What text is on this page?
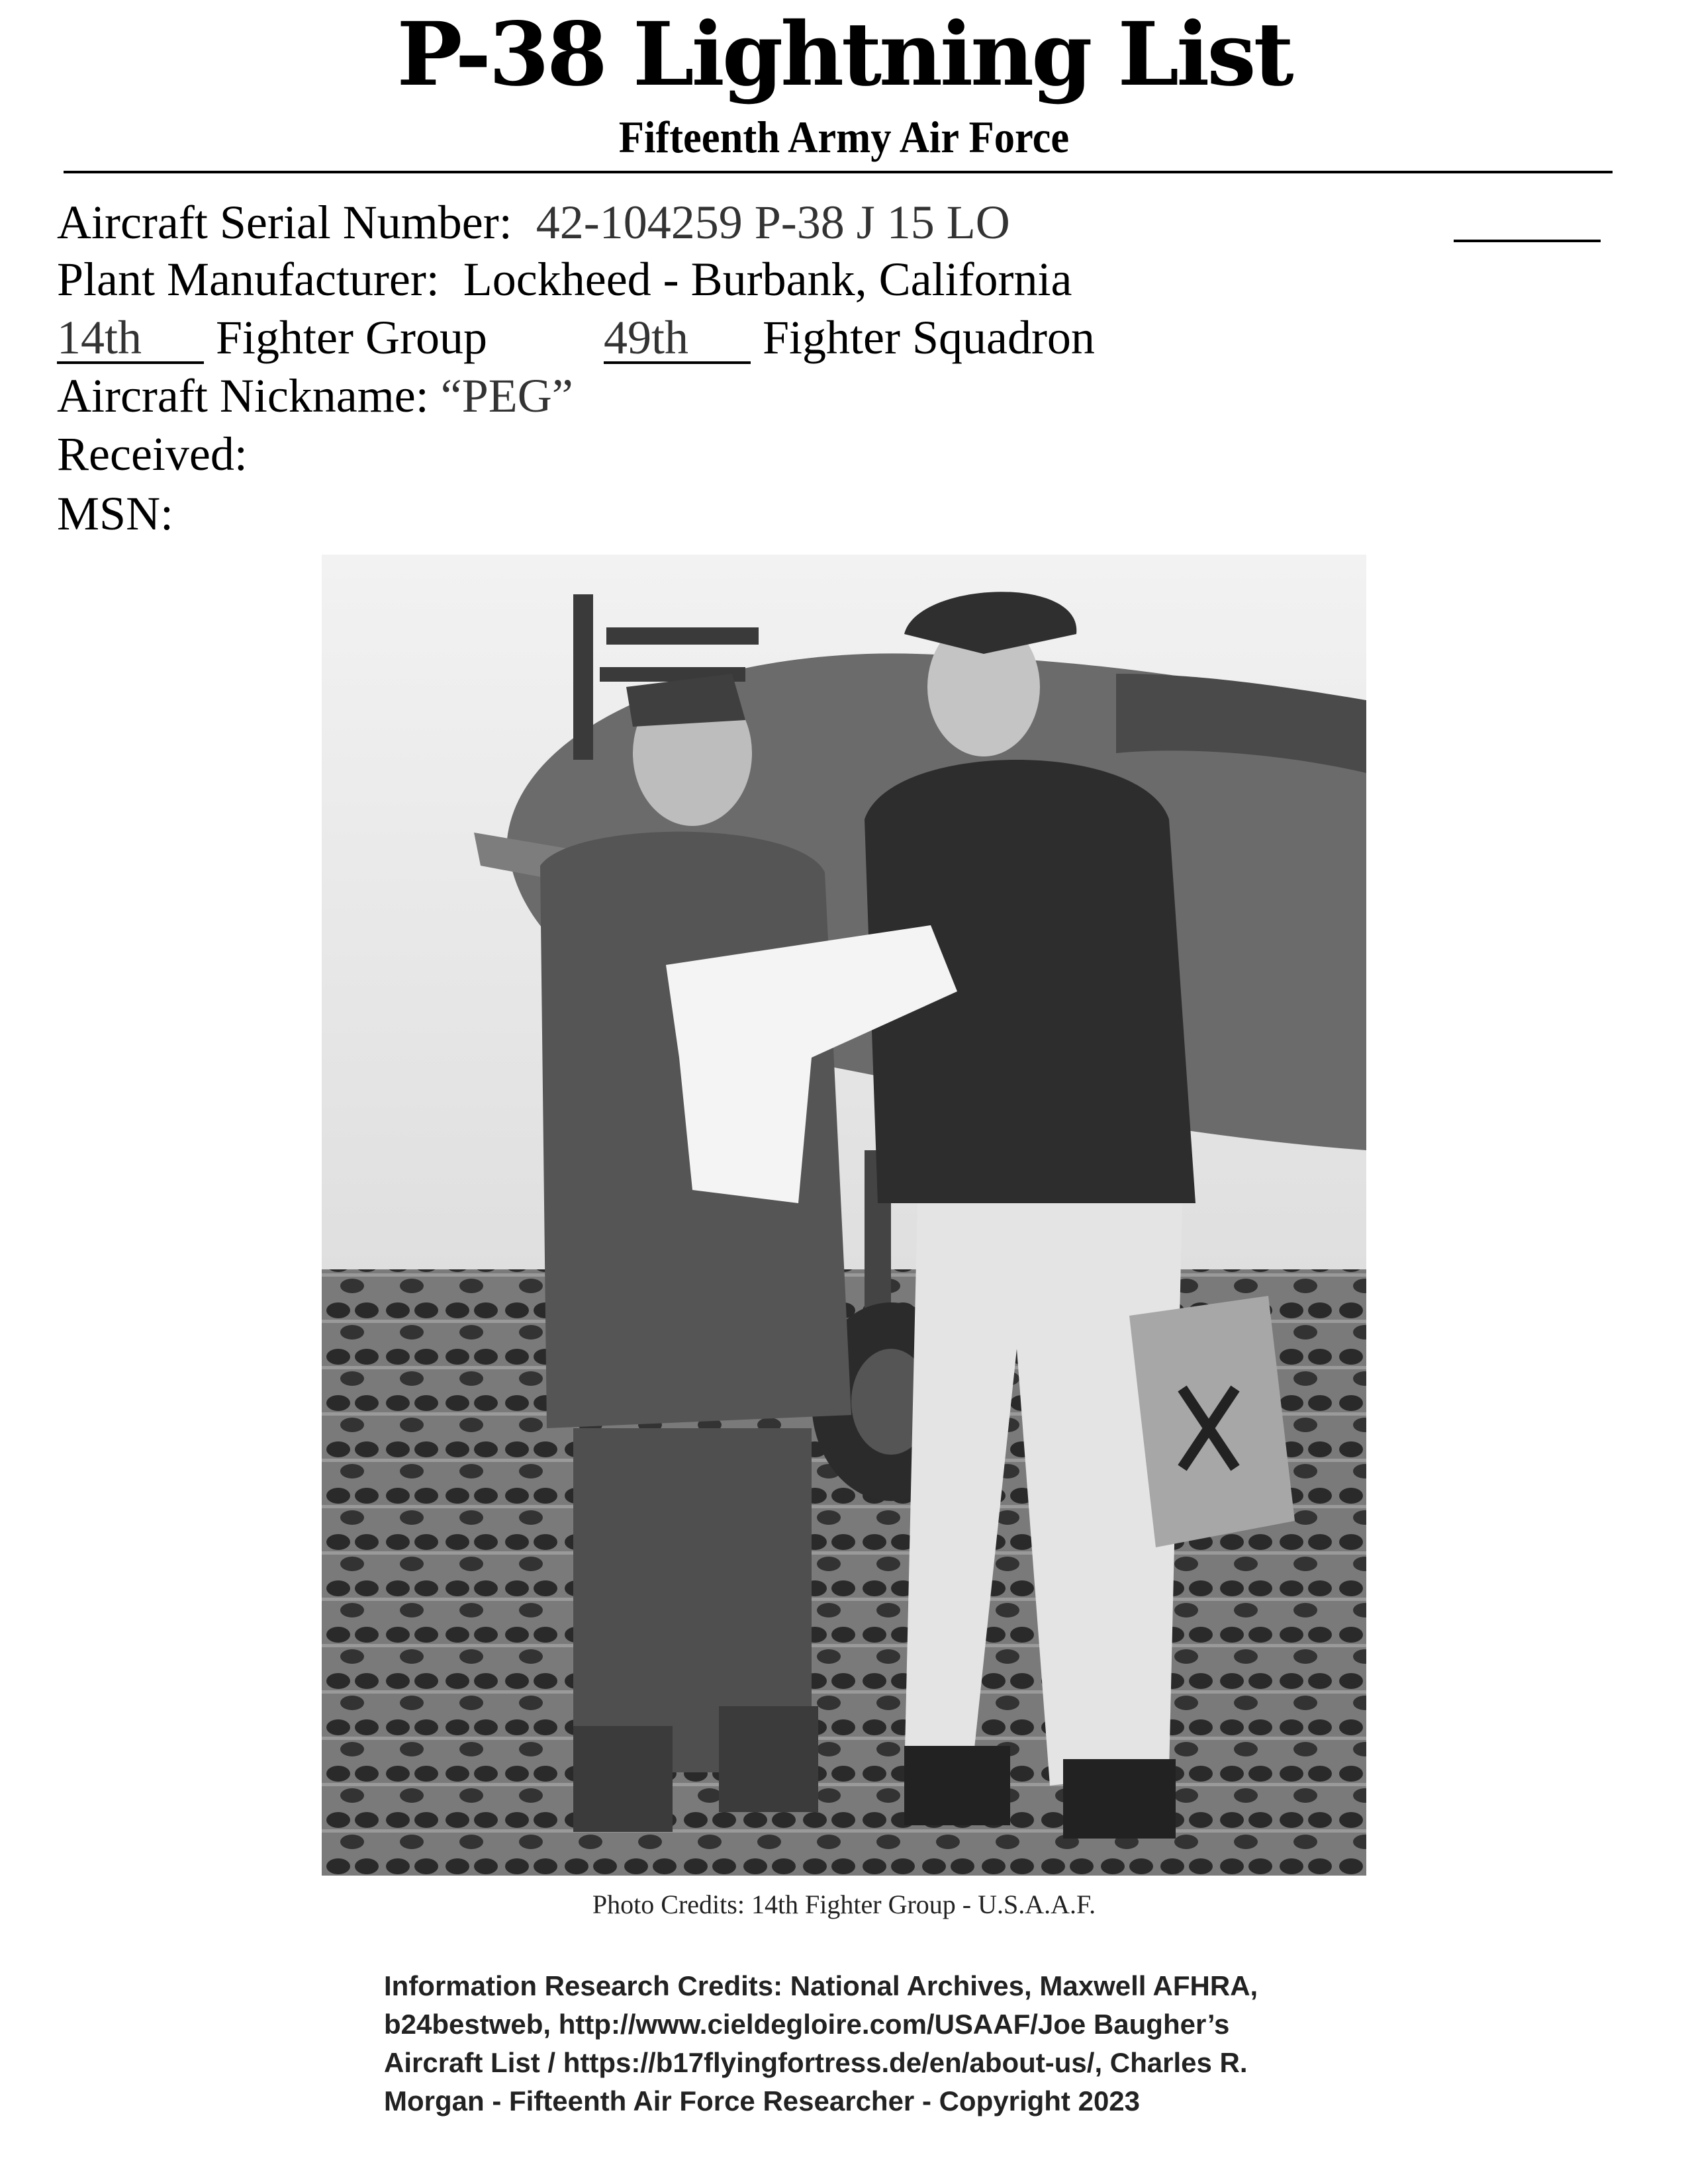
P-38 Lightning List
Fifteenth Army Air Force
Aircraft Serial Number: 42-104259 P-38 J 15 LO
Plant Manufacturer: Lockheed - Burbank, California
14th Fighter Group 49th Fighter Squadron
Aircraft Nickname: “PEG”
Received:
MSN:
Photo Credits: 14th Fighter Group - U.S.A.A.F.
Information Research Credits: National Archives, Maxwell AFHRA,
b24bestweb, http://www.cieldegloire.com/USAAF/Joe Baugher’s
Aircraft List / https://b17flyingfortress.de/en/about-us/, Charles R.
Morgan - Fifteenth Air Force Researcher - Copyright 2023
